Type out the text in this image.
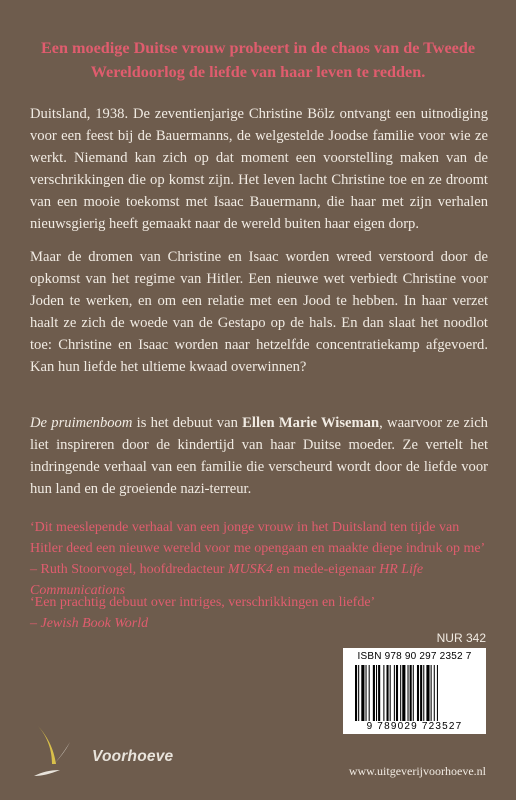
Een moedige Duitse vrouw probeert in de chaos van de Tweede Wereldoorlog de liefde van haar leven te redden.

Duitsland, 1938. De zeventienjarige Christine Bölz ontvangt een uitnodiging voor een feest bij de Bauermanns, de welgestelde Joodse familie voor wie ze werkt. Niemand kan zich op dat moment een voorstelling maken van de verschrikkingen die op komst zijn. Het leven lacht Christine toe en ze droomt van een mooie toekomst met Isaac Bauermann, die haar met zijn verhalen nieuwsgierig heeft gemaakt naar de wereld buiten haar eigen dorp.

Maar de dromen van Christine en Isaac worden wreed verstoord door de opkomst van het regime van Hitler. Een nieuwe wet verbiedt Christine voor Joden te werken, en om een relatie met een Jood te hebben. In haar verzet haalt ze zich de woede van de Gestapo op de hals. En dan slaat het noodlot toe: Christine en Isaac worden naar hetzelfde concentratiekamp afgevoerd. Kan hun liefde het ultieme kwaad overwinnen?

De pruimenboom is het debuut van Ellen Marie Wiseman, waarvoor ze zich liet inspireren door de kindertijd van haar Duitse moeder. Ze vertelt het indringende verhaal van een familie die verscheurd wordt door de liefde voor hun land en de groeiende nazi-terreur.

‘Dit meeslepende verhaal van een jonge vrouw in het Duitsland ten tijde van Hitler deed een nieuwe wereld voor me opengaan en maakte diepe indruk op me’ – Ruth Stoorvogel, hoofdredacteur MUSK4 en mede-eigenaar HR Life Communications

‘Een prachtig debuut over intriges, verschrikkingen en liefde’
– Jewish Book World

NUR 342
ISBN 978 90 297 2352 7
9 789029 723527
Voorhoeve
www.uitgeverijvoorhoeve.nl
